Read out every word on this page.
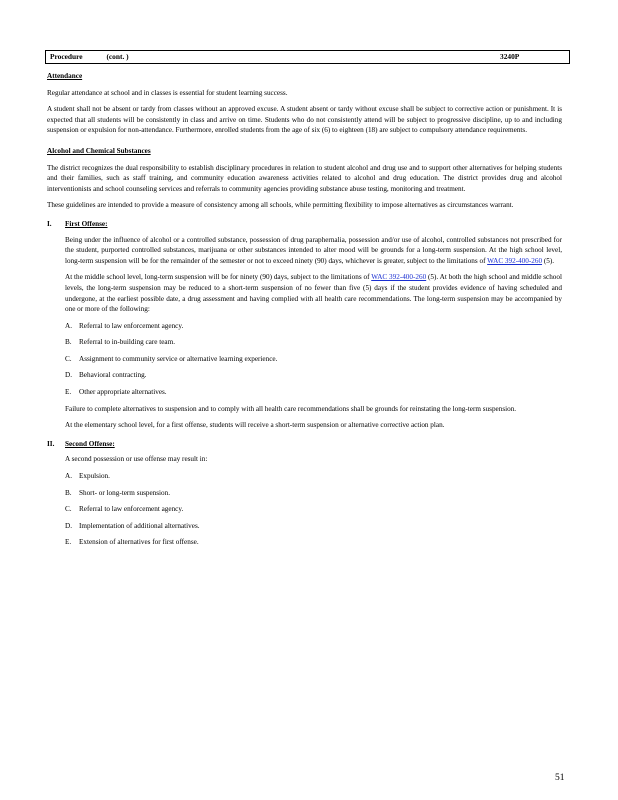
Procedure	(cont. )	3240P
Attendance

Regular attendance at school and in classes is essential for student learning success.

A student shall not be absent or tardy from classes without an approved excuse. A student absent or tardy without excuse shall be subject to corrective action or punishment. It is expected that all students will be consistently in class and arrive on time. Students who do not consistently attend will be subject to progressive discipline, up to and including suspension or expulsion for non-attendance. Furthermore, enrolled students from the age of six (6) to eighteen (18) are subject to compulsory attendance requirements.

Alcohol and Chemical Substances

The district recognizes the dual responsibility to establish disciplinary procedures in relation to student alcohol and drug use and to support other alternatives for helping students and their families, such as staff training, and community education awareness activities related to alcohol and drug education. The district provides drug and alcohol interventionists and school counseling services and referrals to community agencies providing substance abuse testing, monitoring and treatment.

These guidelines are intended to provide a measure of consistency among all schools, while permitting flexibility to impose alternatives as circumstances warrant.

I. First Offense:

Being under the influence of alcohol or a controlled substance, possession of drug paraphernalia, possession and/or use of alcohol, controlled substances not prescribed for the student, purported controlled substances, marijuana or other substances intended to alter mood will be grounds for a long-term suspension. At the high school level, long-term suspension will be for the remainder of the semester or not to exceed ninety (90) days, whichever is greater, subject to the limitations of WAC 392-400-260 (5).

At the middle school level, long-term suspension will be for ninety (90) days, subject to the limitations of WAC 392-400-260 (5). At both the high school and middle school levels, the long-term suspension may be reduced to a short-term suspension of no fewer than five (5) days if the student provides evidence of having scheduled and undergone, at the earliest possible date, a drug assessment and having complied with all health care recommendations. The long-term suspension may be accompanied by one or more of the following:

A. Referral to law enforcement agency.
B. Referral to in-building care team.
C. Assignment to community service or alternative learning experience.
D. Behavioral contracting.
E. Other appropriate alternatives.

Failure to complete alternatives to suspension and to comply with all health care recommendations shall be grounds for reinstating the long-term suspension.

At the elementary school level, for a first offense, students will receive a short-term suspension or alternative corrective action plan.

II. Second Offense:

A second possession or use offense may result in:

A. Expulsion.
B. Short- or long-term suspension.
C. Referral to law enforcement agency.
D. Implementation of additional alternatives.
E. Extension of alternatives for first offense.
51
